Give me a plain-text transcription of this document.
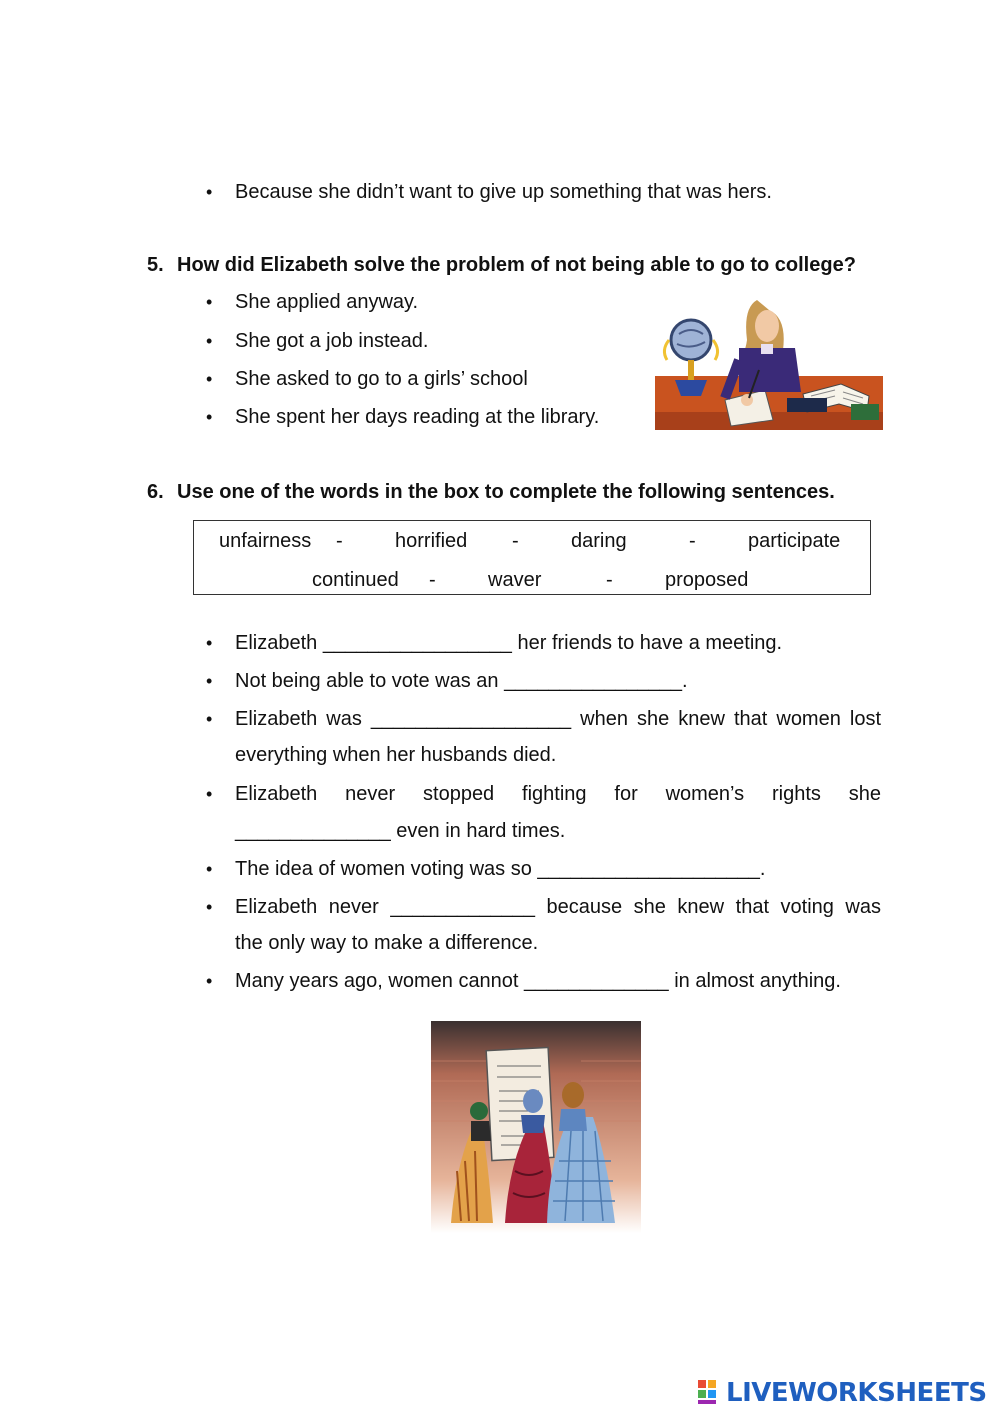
• Because she didn’t want to give up something that was hers.
5. How did Elizabeth solve the problem of not being able to go to college?
• She applied anyway.
• She got a job instead.
• She asked to go to a girls’ school
• She spent her days reading at the library.
6. Use one of the words in the box to complete the following sentences.
unfairness -	horrified -	daring	-	participate
continued -	waver	-	proposed
• Elizabeth _________________ her friends to have a meeting.
• Not being able to vote was an ________________.
• Elizabeth was __________________ when she knew that women lost
everything when her husbands died.
• Elizabeth never stopped fighting for women’s rights she
______________ even in hard times.
• The idea of women voting was so ____________________.
• Elizabeth never _____________ because she knew that voting was
the only way to make a difference.
• Many years ago, women cannot _____________ in almost anything.
LIVEWORKSHEETS
